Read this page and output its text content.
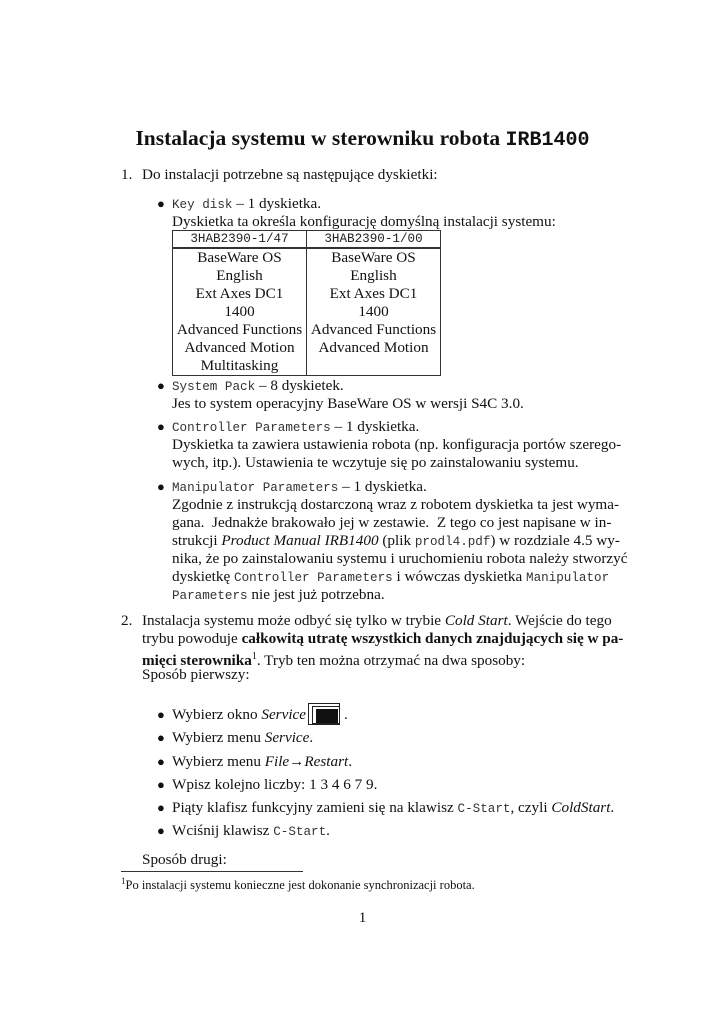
Instalacja systemu w sterowniku robota IRB1400
1. Do instalacji potrzebne są następujące dyskietki:
● Key disk – 1 dyskietka.
Dyskietka ta określa konfigurację domyślną instalacji systemu:
3HAB2390-1/47	3HAB2390-1/00
BaseWare OS
English
Ext Axes DC1
1400
Advanced Functions
Advanced Motion
Multitasking
BaseWare OS
English
Ext Axes DC1
1400
Advanced Functions
Advanced Motion
● System Pack – 8 dyskietek.
Jes to system operacyjny BaseWare OS w wersji S4C 3.0.
● Controller Parameters – 1 dyskietka.
Dyskietka ta zawiera ustawienia robota (np. konfiguracja portów szerego-
wych, itp.). Ustawienia te wczytuje się po zainstalowaniu systemu.
● Manipulator Parameters – 1 dyskietka.
Zgodnie z instrukcją dostarczoną wraz z robotem dyskietka ta jest wyma-
gana.  Jednakże brakowało jej w zestawie.  Z tego co jest napisane w in-
strukcji Product Manual IRB1400 (plik prodl4.pdf) w rozdziale 4.5 wy-
nika, że po zainstalowaniu systemu i uruchomieniu robota należy stworzyć
dyskietkę Controller Parameters i wówczas dyskietka Manipulator
Parameters nie jest już potrzebna.
2. Instalacja systemu może odbyć się tylko w trybie Cold Start. Wejście do tego
trybu powoduje całkowitą utratę wszystkich danych znajdujących się w pa-
mięci sterownika$^1$. Tryb ten można otrzymać na dwa sposoby:
Sposób pierwszy:
● Wybierz okno Service	.
● Wybierz menu Service.
● Wybierz menu File→Restart.
● Wpisz kolejno liczby: 1 3 4 6 7 9.
● Piąty klafisz funkcyjny zamieni się na klawisz C-Start, czyli ColdStart.
● Wciśnij klawisz C-Start.
Sposób drugi:
$^1$Po instalacji systemu konieczne jest dokonanie synchronizacji robota.
1
